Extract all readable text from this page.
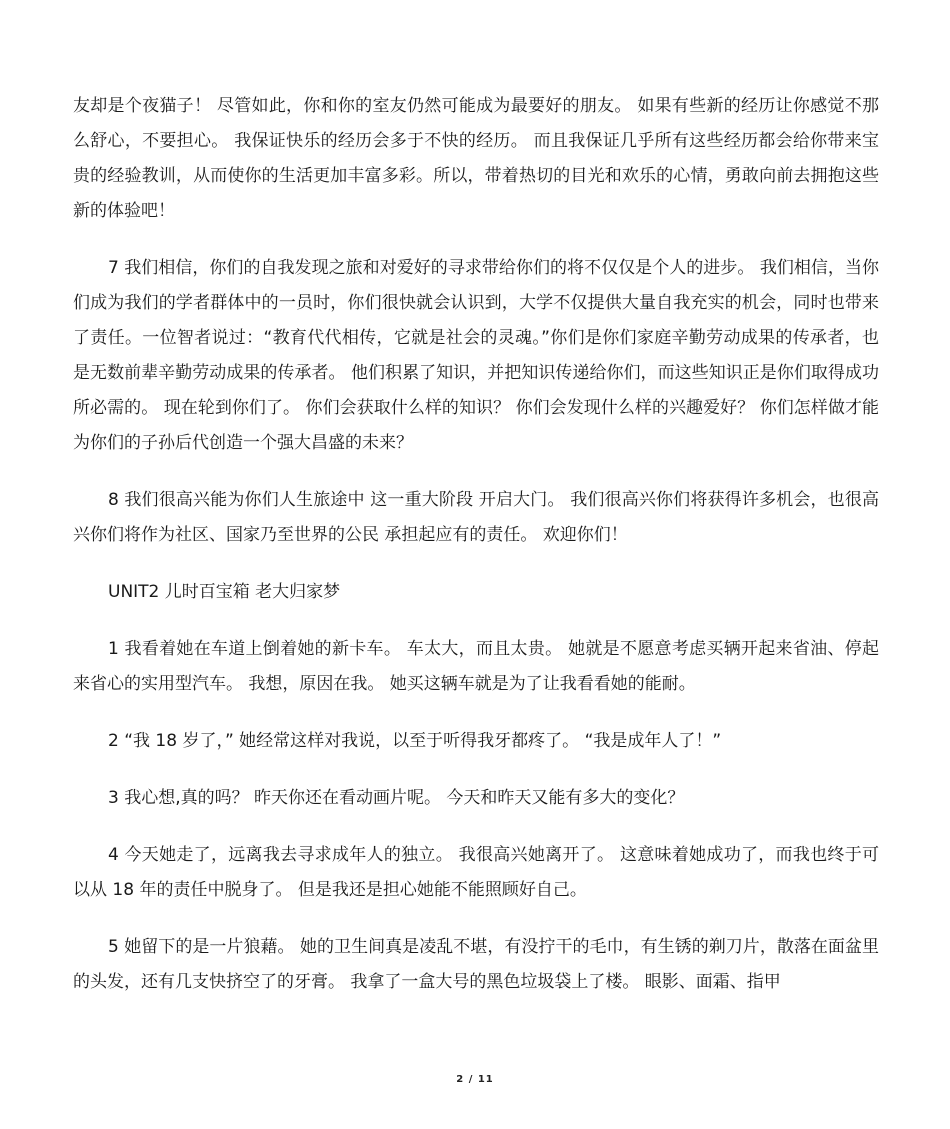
友却是个夜猫子！ 尽管如此，你和你的室友仍然可能成为最要好的朋友。 如果有些新的经历让你感觉不那么舒心，不要担心。 我保证快乐的经历会多于不快的经历。 而且我保证几乎所有这些经历都会给你带来宝贵的经验教训，从而使你的生活更加丰富多彩。所以，带着热切的目光和欢乐的心情，勇敢向前去拥抱这些新的体验吧！

7 我们相信，你们的自我发现之旅和对爱好的寻求带给你们的将不仅仅是个人的进步。 我们相信，当你们成为我们的学者群体中的一员时，你们很快就会认识到，大学不仅提供大量自我充实的机会，同时也带来了责任。一位智者说过：“教育代代相传，它就是社会的灵魂。”你们是你们家庭辛勤劳动成果的传承者，也是无数前辈辛勤劳动成果的传承者。 他们积累了知识，并把知识传递给你们，而这些知识正是你们取得成功所必需的。 现在轮到你们了。 你们会获取什么样的知识？ 你们会发现什么样的兴趣爱好？ 你们怎样做才能为你们的子孙后代创造一个强大昌盛的未来？

8 我们很高兴能为你们人生旅途中 这一重大阶段 开启大门。 我们很高兴你们将获得许多机会，也很高兴你们将作为社区、国家乃至世界的公民 承担起应有的责任。 欢迎你们！

UNIT2 儿时百宝箱 老大归家梦

1 我看着她在车道上倒着她的新卡车。 车太大，而且太贵。 她就是不愿意考虑买辆开起来省油、停起来省心的实用型汽车。 我想，原因在我。 她买这辆车就是为了让我看看她的能耐。

2 “我 18 岁了，” 她经常这样对我说，以至于听得我牙都疼了。 “我是成年人了！”

3 我心想,真的吗？ 昨天你还在看动画片呢。 今天和昨天又能有多大的变化？

4 今天她走了，远离我去寻求成年人的独立。 我很高兴她离开了。 这意味着她成功了，而我也终于可以从 18 年的责任中脱身了。 但是我还是担心她能不能照顾好自己。

5 她留下的是一片狼藉。 她的卫生间真是凌乱不堪，有没拧干的毛巾，有生锈的剃刀片，散落在面盆里的头发，还有几支快挤空了的牙膏。 我拿了一盒大号的黑色垃圾袋上了楼。 眼影、面霜、指甲

2 / 11
